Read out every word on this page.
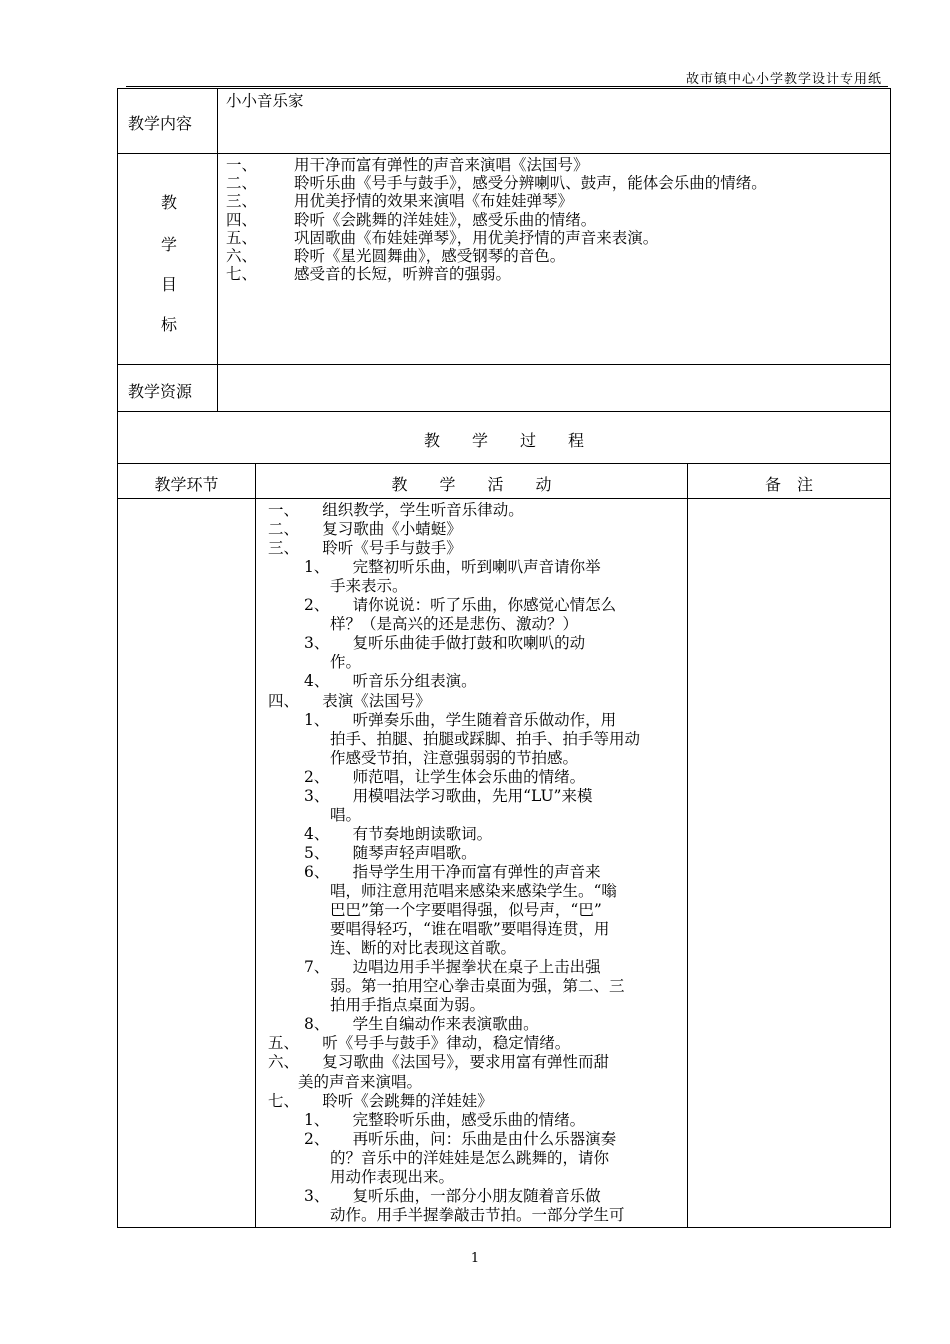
故市镇中心小学教学设计专用纸
教学内容
小小音乐家
教
学
目
标
一、 用干净而富有弹性的声音来演唱《法国号》
二、 聆听乐曲《号手与鼓手》，感受分辨喇叭、鼓声，能体会乐曲的情绪。
三、 用优美抒情的效果来演唱《布娃娃弹琴》
四、 聆听《会跳舞的洋娃娃》，感受乐曲的情绪。
五、 巩固歌曲《布娃娃弹琴》，用优美抒情的声音来表演。
六、 聆听《星光圆舞曲》，感受钢琴的音色。
七、 感受音的长短，听辨音的强弱。
教学资源
教　　学　　过　　程
教学环节	教　　学　　活　　动	备　注
一、　　组织教学，学生听音乐律动。
二、　　复习歌曲《小蜻蜓》
三、　　聆听《号手与鼓手》
1、　　完整初听乐曲，听到喇叭声音请你举
手来表示。
2、　　请你说说：听了乐曲，你感觉心情怎么
样？（是高兴的还是悲伤、激动？）
3、　　复听乐曲徒手做打鼓和吹喇叭的动
作。
4、　　听音乐分组表演。
四、　　表演《法国号》
1、　　听弹奏乐曲，学生随着音乐做动作，用
拍手、拍腿、拍腿或踩脚、拍手、拍手等用动
作感受节拍，注意强弱弱的节拍感。
2、　　师范唱，让学生体会乐曲的情绪。
3、　　用模唱法学习歌曲，先用“LU”来模
唱。
4、　　有节奏地朗读歌词。
5、　　随琴声轻声唱歌。
6、　　指导学生用干净而富有弹性的声音来
唱，师注意用范唱来感染来感染学生。“嗡
巴巴”第一个字要唱得强，似号声，“巴”
要唱得轻巧，“谁在唱歌”要唱得连贯，用
连、断的对比表现这首歌。
7、　　边唱边用手半握拳状在桌子上击出强
弱。第一拍用空心拳击桌面为强，第二、三
拍用手指点桌面为弱。
8、　　学生自编动作来表演歌曲。
五、　　听《号手与鼓手》律动，稳定情绪。
六、　　复习歌曲《法国号》，要求用富有弹性而甜
美的声音来演唱。
七、　　聆听《会跳舞的洋娃娃》
1、　　完整聆听乐曲，感受乐曲的情绪。
2、　　再听乐曲，问：乐曲是由什么乐器演奏
的？音乐中的洋娃娃是怎么跳舞的，请你
用动作表现出来。
3、　　复听乐曲，一部分小朋友随着音乐做
动作。用手半握拳敲击节拍。一部分学生可
1
